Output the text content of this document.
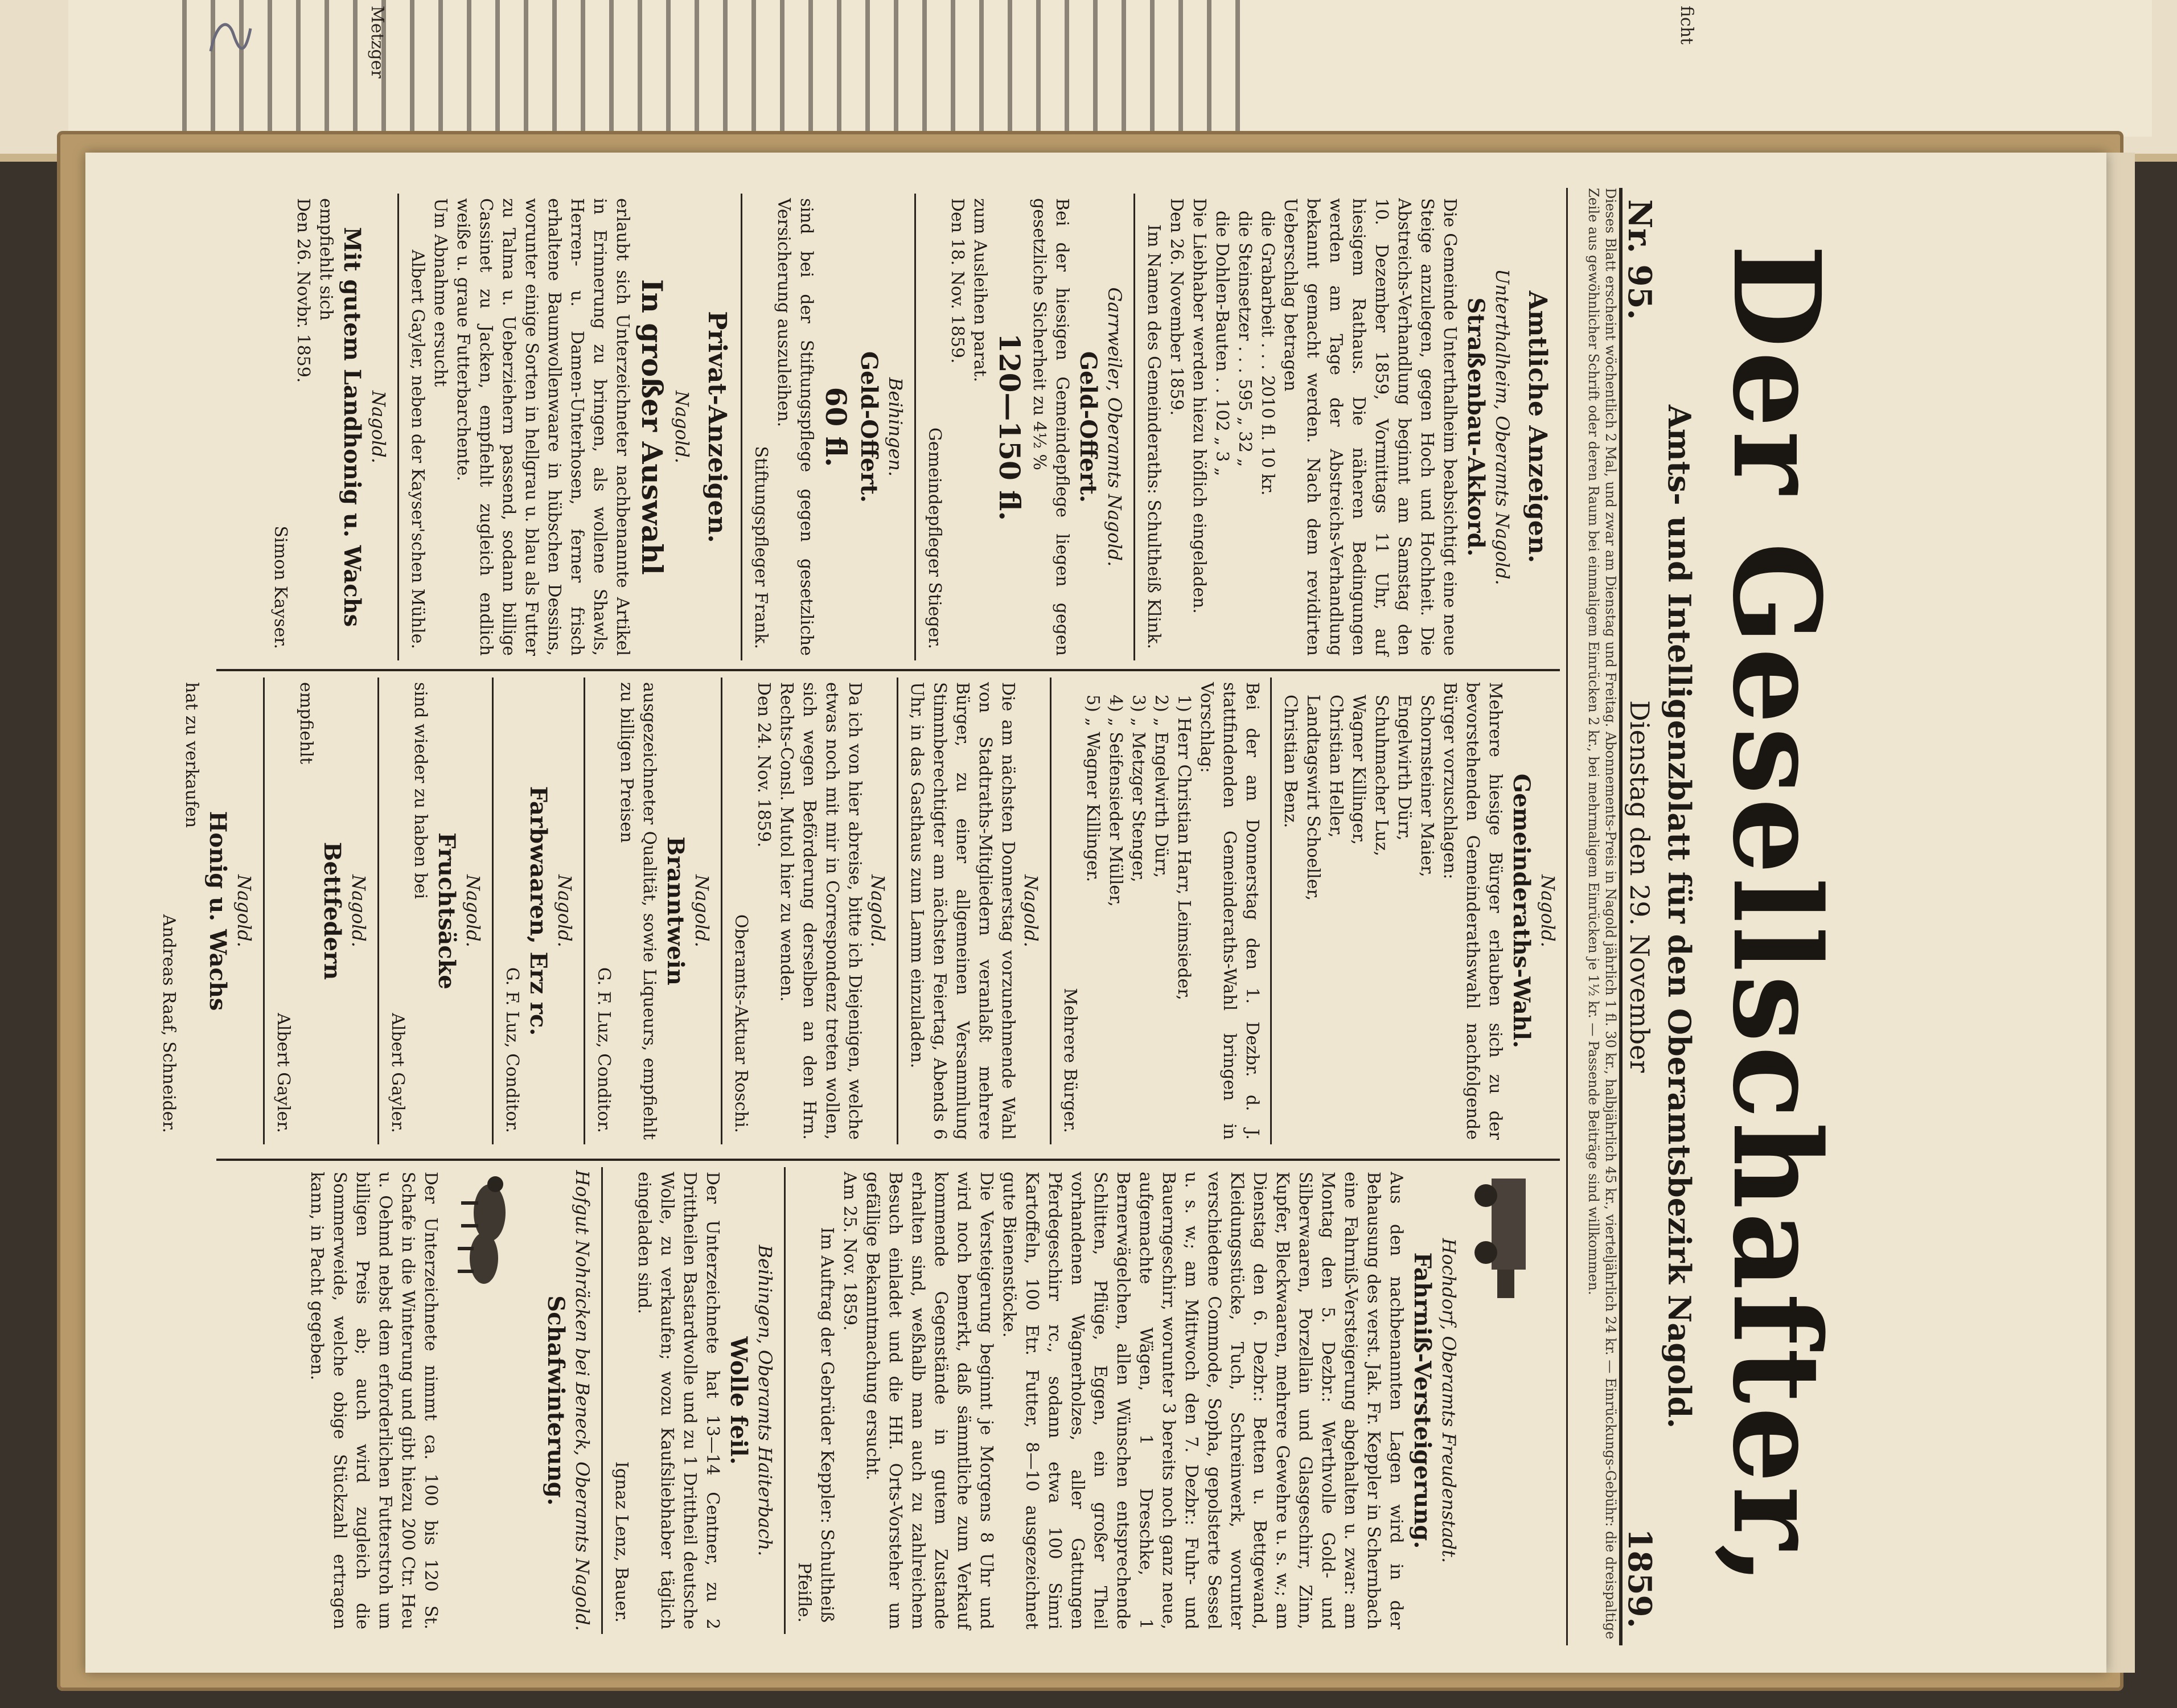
Metzger	ficht
Der Gesellschafter,
Amts- und Intelligenzblatt für den Oberamtsbezirk Nagold.
Nr. 95.
Dienstag den 29. November
1859.
Dieses Blatt erscheint wöchentlich 2 Mal, und zwar am Dienstag und Freitag. Abonnements-Preis in Nagold jährlich 1 fl. 30 kr., halbjährlich 45 kr., vierteljährlich 24 kr. — Einrückungs-Gebühr: die dreispaltige Zeile aus gewöhnlicher Schrift oder deren Raum bei einmaligem Einrücken 2 kr., bei mehrmaligem Einrücken je 1½ kr. — Passende Beiträge sind willkommen.
Amtliche Anzeigen.
Unterthalheim, Oberamts Nagold.
Straßenbau-Akkord.
Die Gemeinde Unterthalheim beabsichtigt eine neue Steige anzulegen, gegen Hoch und Hochheit. Die Abstreichs-Verhandlung beginnt am Samstag den 10. Dezember 1859, Vormittags 11 Uhr, auf hiesigem Rathaus. Die näheren Bedingungen werden am Tage der Abstreichs-Verhandlung bekannt gemacht werden. Nach dem revidirten Ueberschlag betragen
die Grabarbeit . . . 2010 fl. 10 kr.
die Steinsetzer . . . 595 „ 32 „
die Dohlen-Bauten . . 102 „ 3 „
Die Liebhaber werden hiezu höflich eingeladen.
Den 26. November 1859.
Im Namen des Gemeinderaths: Schultheiß Klink.
Garrweiler, Oberamts Nagold.
Geld-Offert.
Bei der hiesigen Gemeindepflege liegen gegen gesetzliche Sicherheit zu 4½ %
120—150 fl.
zum Ausleihen parat.
Den 18. Nov. 1859.
Gemeindepfleger Stieger.
Beihingen.
Geld-Offert.
60 fl.
sind bei der Stiftungspflege gegen gesetzliche Versicherung auszuleihen.
Stiftungspfleger Frank.
Privat-Anzeigen.
Nagold.
In großer Auswahl
erlaubt sich Unterzeichneter nachbenannte Artikel in Erinnerung zu bringen, als wollene Shawls, Herren- u. Damen-Unterhosen, ferner frisch erhaltene Baumwollenwaare in hübschen Dessins, worunter einige Sorten in hellgrau u. blau als Futter zu Talma u. Ueberziehern passend, sodann billige Cassinet zu Jacken, empfiehlt zugleich endlich weiße u. graue Futterbarchente.
Um Abnahme ersucht
Albert Gayler, neben der Kayser'schen Mühle.
Nagold.
Mit gutem Landhonig u. Wachs
empfiehlt sich
Den 26. Novbr. 1859.
Simon Kayser.
Nagold.
Gemeinderaths-Wahl.
Mehrere hiesige Bürger erlauben sich zu der bevorstehenden Gemeinderathswahl nachfolgende Bürger vorzuschlagen:
Schornsteiner Maier,
Engelwirth Dürr,
Schuhmacher Luz,
Wagner Killinger,
Christian Heller,
Landtagswirt Schoeller,
Christian Benz.
Bei der am Donnerstag den 1. Dezbr. d. J. stattfindenden Gemeinderaths-Wahl bringen in Vorschlag:
1) Herr Christian Harr, Leimsieder,
2) „ Engelwirth Dürr,
3) „ Metzger Stenger,
4) „ Seifensieder Müller,
5) „ Wagner Killinger.
Mehrere Bürger.
Nagold.
Die am nächsten Donnerstag vorzunehmende Wahl von Stadtraths-Mitgliedern veranlaßt mehrere Bürger, zu einer allgemeinen Versammlung Stimmberechtigter am nächsten Feiertag, Abends 6 Uhr, in das Gasthaus zum Lamm einzuladen.
Nagold.
Da ich von hier abreise, bitte ich Diejenigen, welche etwas noch mit mir in Correspondenz treten wollen, sich wegen Beförderung derselben an den Hrn. Rechts-Consl. Mutol hier zu wenden.
Den 24. Nov. 1859.
Oberamts-Aktuar Roschi.
Nagold.
Branntwein
ausgezeichneter Qualität, sowie Liqueurs, empfiehlt zu billigen Preisen
G. F. Luz, Conditor.
Nagold.
Farbwaaren, Erz rc.
G. F. Luz, Conditor.
Nagold.
Fruchtsäcke
sind wieder zu haben bei
Albert Gayler.
Nagold.
Bettfedern
empfiehlt
Albert Gayler.
Nagold.
Honig u. Wachs
hat zu verkaufen
Andreas Raaf, Schneider.
Hochdorf, Oberamts Freudenstadt.
Fahrniß-Versteigerung.
Aus den nachbenannten Lagen wird in der Behausung des verst. Jak. Fr. Keppler in Schernbach eine Fahrniß-Versteigerung abgehalten u. zwar: am Montag den 5. Dezbr.: Werthvolle Gold- und Silberwaaren, Porzellain und Glasgeschirr, Zinn, Kupfer, Bleckwaaren, mehrere Gewehre u. s. w.; am Dienstag den 6. Dezbr.: Betten u. Bettgewand, Kleidungsstücke, Tuch, Schreinwerk, worunter verschiedene Commode, Sopha, gepolsterte Sessel u. s. w.; am Mittwoch den 7. Dezbr.: Fuhr- und Bauerngeschirr, worunter 3 bereits noch ganz neue, aufgemachte Wägen, 1 Dreschke, 1 Bernerwägelchen, allen Wünschen entsprechende Schlitten, Pflüge, Eggen, ein großer Theil vorhandenen Wagnerholzes, aller Gattungen Pferdegeschirr rc., sodann etwa 100 Simri Kartoffeln, 100 Etr. Futter, 8—10 ausgezeichnet gute Bienenstöcke.
Die Versteigerung beginnt je Morgens 8 Uhr und wird noch bemerkt, daß sämmtliche zum Verkauf kommende Gegenstände in gutem Zustande erhalten sind, weßhalb man auch zu zahlreichem Besuch einladet und die HH. Orts-Vorsteher um gefällige Bekanntmachung ersucht.
Am 25. Nov. 1859.
Im Auftrag der Gebrüder Keppler: Schultheiß Pfeifle.
Beihingen, Oberamts Haiterbach.
Wolle feil.
Der Unterzeichnete hat 13—14 Centner, zu 2 Drittheilen Bastardwolle und zu 1 Drittheil deutsche Wolle, zu verkaufen; wozu Kaufsliebhaber täglich eingeladen sind.
Ignaz Lenz, Bauer.
Hofgut Nohräcken bei Beneck, Oberamts Nagold.
Schafwinterung.
Der Unterzeichnete nimmt ca. 100 bis 120 St. Schafe in die Winterung und gibt hiezu 200 Ctr. Heu u. Oehmd nebst dem erforderlichen Futterstroh um billigen Preis ab; auch wird zugleich die Sommerweide, welche obige Stückzahl ertragen kann, in Pacht gegeben.
